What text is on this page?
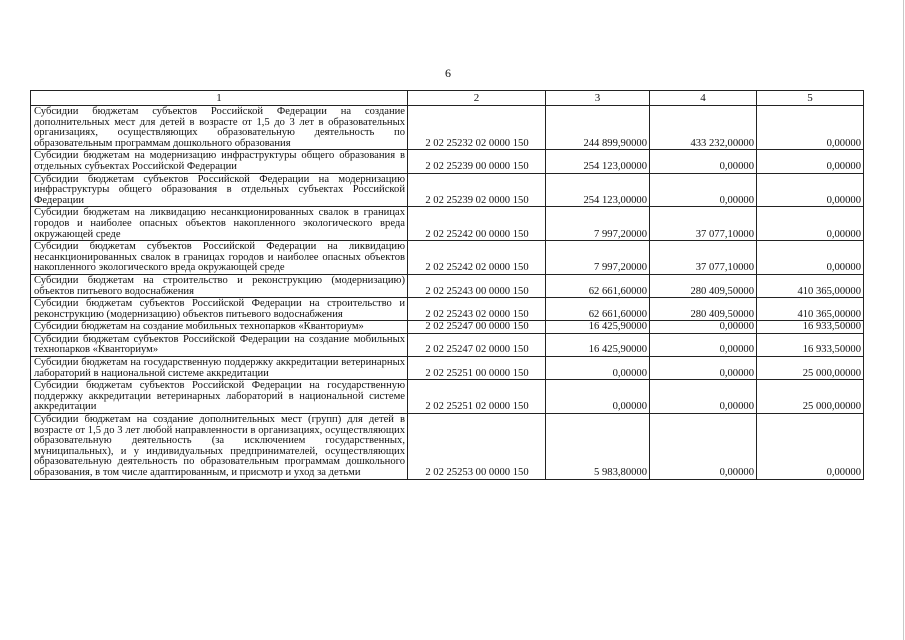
6
1	2	3	4	5
Субсидии бюджетам субъектов Российской Федерации на создание дополнительных мест для детей в возрасте от 1,5 до 3 лет в образовательных организациях, осуществляющих образовательную деятельность по образовательным программам дошкольного образования	2 02 25232 02 0000 150	244 899,90000	433 232,00000	0,00000
Субсидии бюджетам на модернизацию инфраструктуры общего образования в отдельных субъектах Российской Федерации	2 02 25239 00 0000 150	254 123,00000	0,00000	0,00000
Субсидии бюджетам субъектов Российской Федерации на модернизацию инфраструктуры общего образования в отдельных субъектах Российской Федерации	2 02 25239 02 0000 150	254 123,00000	0,00000	0,00000
Субсидии бюджетам на ликвидацию несанкционированных свалок в границах городов и наиболее опасных объектов накопленного экологического вреда окружающей среде	2 02 25242 00 0000 150	7 997,20000	37 077,10000	0,00000
Субсидии бюджетам субъектов Российской Федерации на ликвидацию несанкционированных свалок в границах городов и наиболее опасных объектов накопленного экологического вреда окружающей среде	2 02 25242 02 0000 150	7 997,20000	37 077,10000	0,00000
Субсидии бюджетам на строительство и реконструкцию (модернизацию) объектов питьевого водоснабжения	2 02 25243 00 0000 150	62 661,60000	280 409,50000	410 365,00000
Субсидии бюджетам субъектов Российской Федерации на строительство и реконструкцию (модернизацию) объектов питьевого водоснабжения	2 02 25243 02 0000 150	62 661,60000	280 409,50000	410 365,00000
Субсидии бюджетам на создание мобильных технопарков «Кванториум»	2 02 25247 00 0000 150	16 425,90000	0,00000	16 933,50000
Субсидии бюджетам субъектов Российской Федерации на создание мобильных технопарков «Кванториум»	2 02 25247 02 0000 150	16 425,90000	0,00000	16 933,50000
Субсидии бюджетам на государственную поддержку аккредитации ветеринарных лабораторий в национальной системе аккредитации	2 02 25251 00 0000 150	0,00000	0,00000	25 000,00000
Субсидии бюджетам субъектов Российской Федерации на государственную поддержку аккредитации ветеринарных лабораторий в национальной системе аккредитации	2 02 25251 02 0000 150	0,00000	0,00000	25 000,00000
Субсидии бюджетам на создание дополнительных мест (групп) для детей в возрасте от 1,5 до 3 лет любой направленности в организациях, осуществляющих образовательную деятельность (за исключением государственных, муниципальных), и у индивидуальных предпринимателей, осуществляющих образовательную деятельность по образовательным программам дошкольного образования, в том числе адаптированным, и присмотр и уход за детьми	2 02 25253 00 0000 150	5 983,80000	0,00000	0,00000
